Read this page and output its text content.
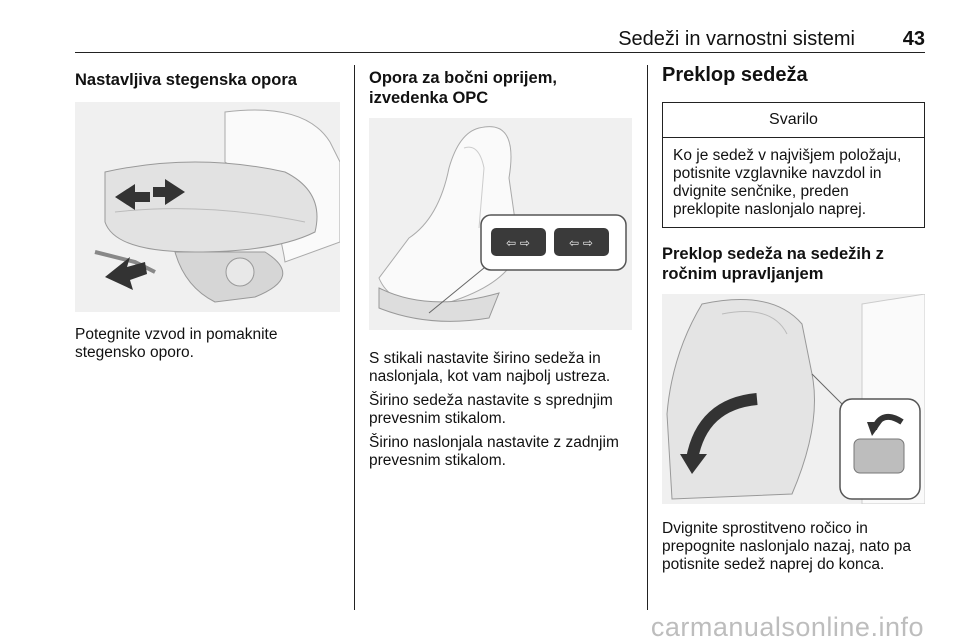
Sedeži in varnostni sistemi 43
Nastavljiva stegenska opora

Potegnite vzvod in pomaknite

stegensko oporo.

Opora za bočni oprijem,
izvedenka OPC
⇦ ⇨	⇦ ⇨

S stikali nastavite širino sedeža in

naslonjala, kot vam najbolj ustreza.

Širino sedeža nastavite s sprednjim

prevesnim stikalom.

Širino naslonjala nastavite z zadnjim

prevesnim stikalom.

Preklop sedeža
Svarilo

Ko je sedež v najvišjem položaju,

potisnite vzglavnike navzdol in

dvignite senčnike, preden

preklopite naslonjalo naprej.

Preklop sedeža na sedežih z
ročnim upravljanjem

Dvignite sprostitveno ročico in

prepognite naslonjalo nazaj, nato pa

potisnite sedež naprej do konca.

carmanualsonline.info
